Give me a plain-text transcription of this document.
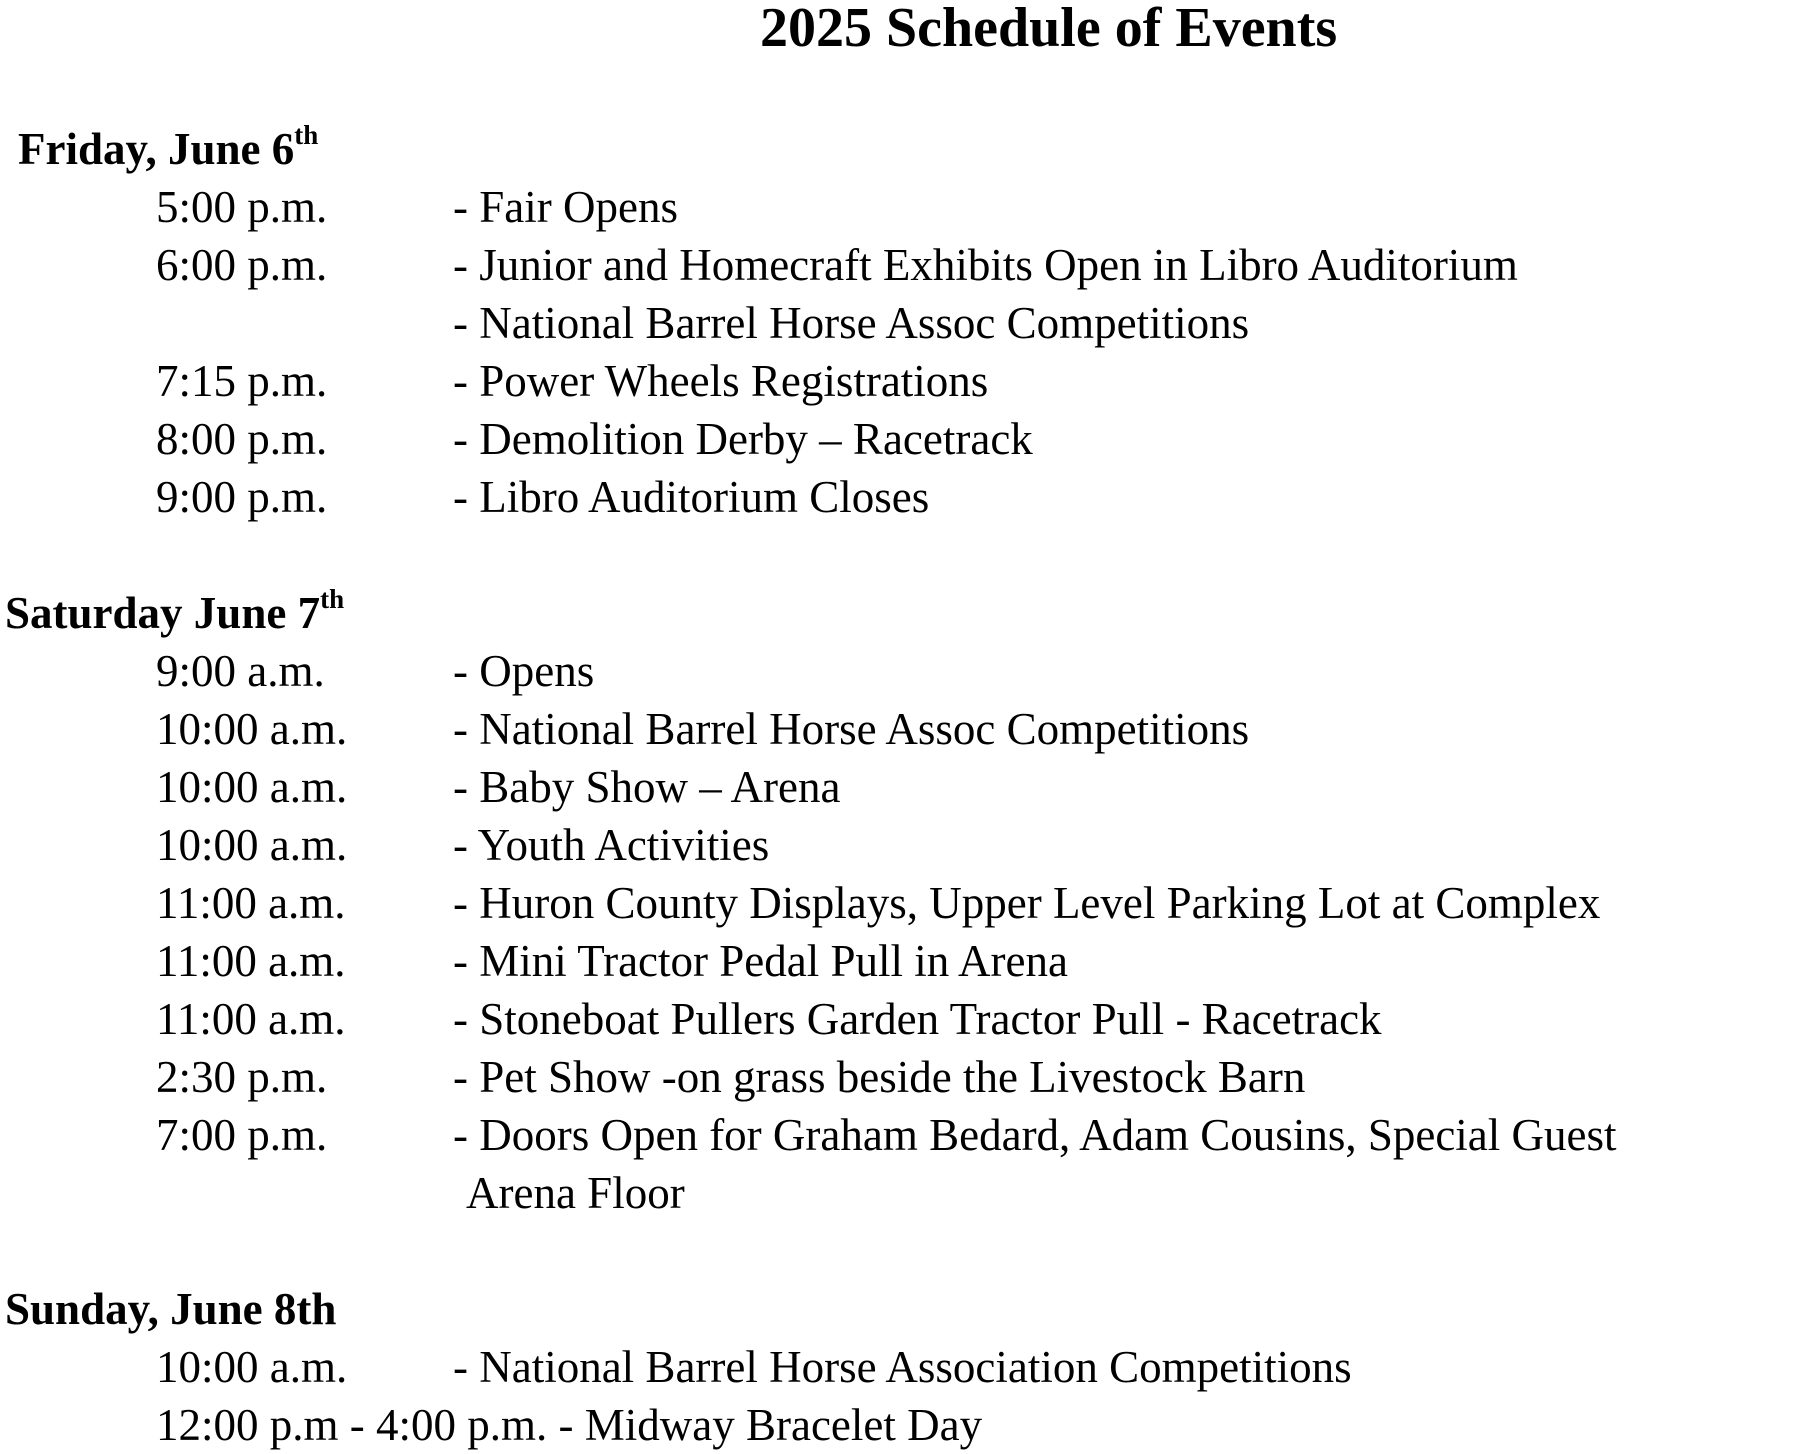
2025 Schedule of Events
Friday, June 6th
5:00 p.m.	- Fair Opens
6:00 p.m.	- Junior and Homecraft Exhibits Open in Libro Auditorium
- National Barrel Horse Assoc Competitions
7:15 p.m.	- Power Wheels Registrations
8:00 p.m.	- Demolition Derby – Racetrack
9:00 p.m.	- Libro Auditorium Closes
Saturday June 7th
9:00 a.m.	- Opens
10:00 a.m. - National Barrel Horse Assoc Competitions
10:00 a.m. - Baby Show – Arena
10:00 a.m. - Youth Activities
11:00 a.m. - Huron County Displays, Upper Level Parking Lot at Complex
11:00 a.m. - Mini Tractor Pedal Pull in Arena
11:00 a.m. - Stoneboat Pullers Garden Tractor Pull - Racetrack
2:30 p.m.	- Pet Show -on grass beside the Livestock Barn
7:00 p.m.	- Doors Open for Graham Bedard, Adam Cousins, Special Guest
Arena Floor
Sunday, June 8th
10:00 a.m. - National Barrel Horse Association Competitions
12:00 p.m - 4:00 p.m. - Midway Bracelet Day
